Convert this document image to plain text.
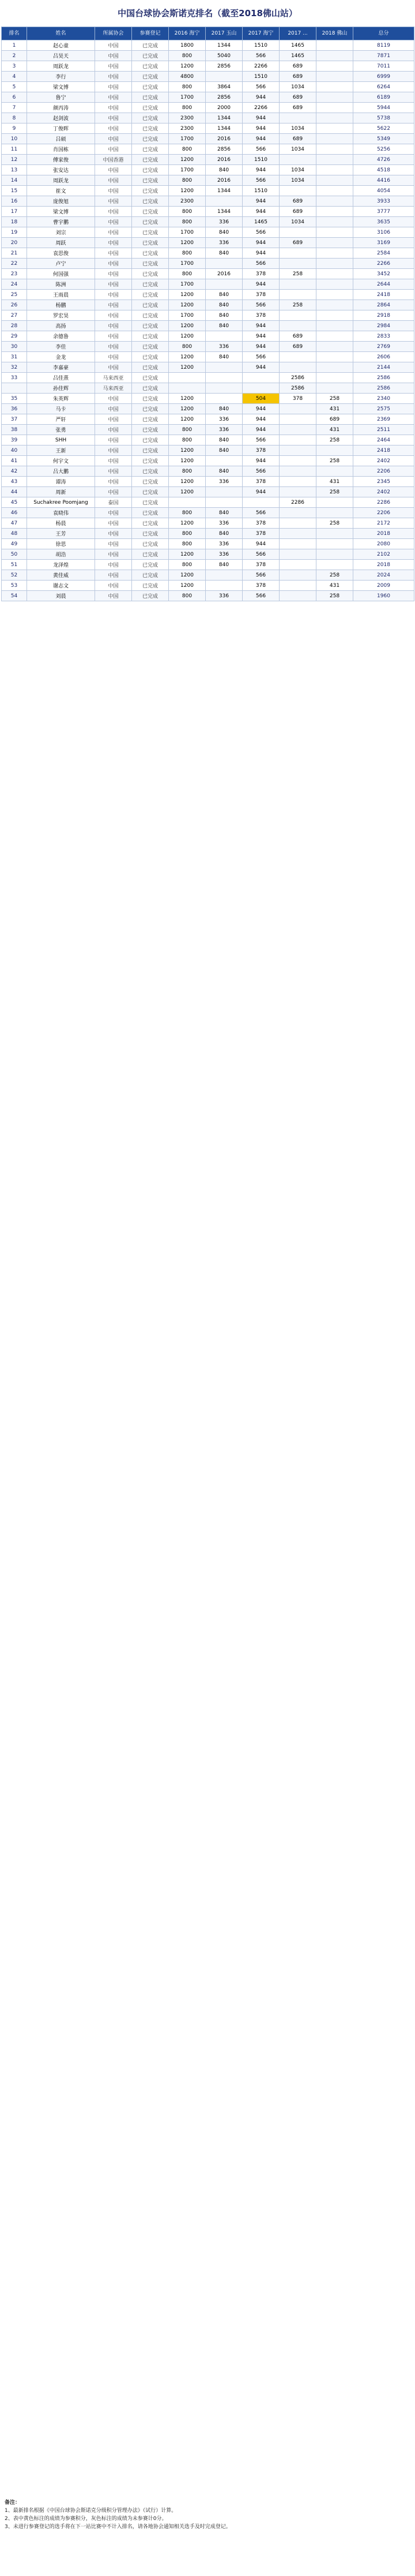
中国台球协会斯诺克排名（截至2018佛山站）
排名	姓名	所属协会	参赛登记	2016 海宁	2017 玉山	2017 海宁	2017 ...	2018 佛山	总分
1	赵心童	中国	已完成	1800	1344	1510	1465		8119
2	吕昊天	中国	已完成	800	5040	566	1465		7871
3	周跃龙	中国	已完成	1200	2856	2266	689		7011
4	李行	中国	已完成	4800		1510	689		6999
5	梁文博	中国	已完成	800	3864	566	1034		6264
6	鲁宁	中国	已完成	1700	2856	944	689		6189
7	颜丙涛	中国	已完成	800	2000	2266	689		5944
8	赵剑波	中国	已完成	2300	1344	944			5738
9	丁俊晖	中国	已完成	2300	1344	944	1034		5622
10	吕硕	中国	已完成	1700	2016	944	689		5349
11	肖国栋	中国	已完成	800	2856	566	1034		5256
12	傅家俊	中国香港	已完成	1200	2016	1510			4726
13	张安达	中国	已完成	1700	840	944	1034		4518
14	周跃龙	中国	已完成	800	2016	566	1034		4416
15	崔文	中国	已完成	1200	1344	1510			4054
16	庞俊旭	中国	已完成	2300		944	689		3933
17	梁文博	中国	已完成	800	1344	944	689		3777
18	曹宇鹏	中国	已完成	800	336	1465	1034		3635
19	刘宗	中国	已完成	1700	840	566			3106
20	周跃	中国	已完成	1200	336	944	689		3169
21	袁思俊	中国	已完成	800	840	944			2584
22	卢宁	中国	已完成	1700		566			2266
23	何国强	中国	已完成	800	2016	378	258		3452
24	陈洲	中国	已完成	1700		944			2644
25	王雨晨	中国	已完成	1200	840	378			2418
26	杨鹏	中国	已完成	1200	840	566	258		2864
27	罗宏昊	中国	已完成	1700	840	378			2918
28	高扬	中国	已完成	1200	840	944			2984
29	余德鲁	中国	已完成	1200		944	689		2833
30	李佳	中国	已完成	800	336	944	689		2769
31	金龙	中国	已完成	1200	840	566			2606
32	李嘉豪	中国	已完成	1200		944			2144
33	吕佳熹	马来西亚	已完成				2586		2586
	孙佳辉	马来西亚	已完成				2586		2586
35	朱英辉	中国	已完成	1200		504	378	258	2340
36	马卡	中国	已完成	1200	840	944		431	2575
37	严轩	中国	已完成	1200	336	944		689	2369
38	张勇	中国	已完成	800	336	944		431	2511
39	SHH	中国	已完成	800	840	566		258	2464
40	王新	中国	已完成	1200	840	378			2418
41	何宇文	中国	已完成	1200		944		258	2402
42	吕大鹏	中国	已完成	800	840	566			2206
43	谭涛	中国	已完成	1200	336	378		431	2345
44	周新	中国	已完成	1200		944		258	2402
45	Suchakree Poomjang	泰国	已完成				2286		2286
46	袁晓伟	中国	已完成	800	840	566			2206
47	杨晨	中国	已完成	1200	336	378		258	2172
48	王芳	中国	已完成	800	840	378			2018
49	徐思	中国	已完成	800	336	944			2080
50	胡浩	中国	已完成	1200	336	566			2102
51	龙泽煌	中国	已完成	800	840	378			2018
52	黄佳威	中国	已完成	1200		566		258	2024
53	谢志文	中国	已完成	1200		378		431	2009
54	刘晨	中国	已完成	800	336	566		258	1960

备注：

1、最新排名根据《中国台球协会斯诺克分级积分管理办法》（试行）计算。

2、表中黄色标注的成绩为参赛积分，灰色标注的成绩为未参赛计0分。

3、未进行参赛登记的选手将在下一站比赛中不计入排名，请各地协会通知相关选手及时完成登记。
